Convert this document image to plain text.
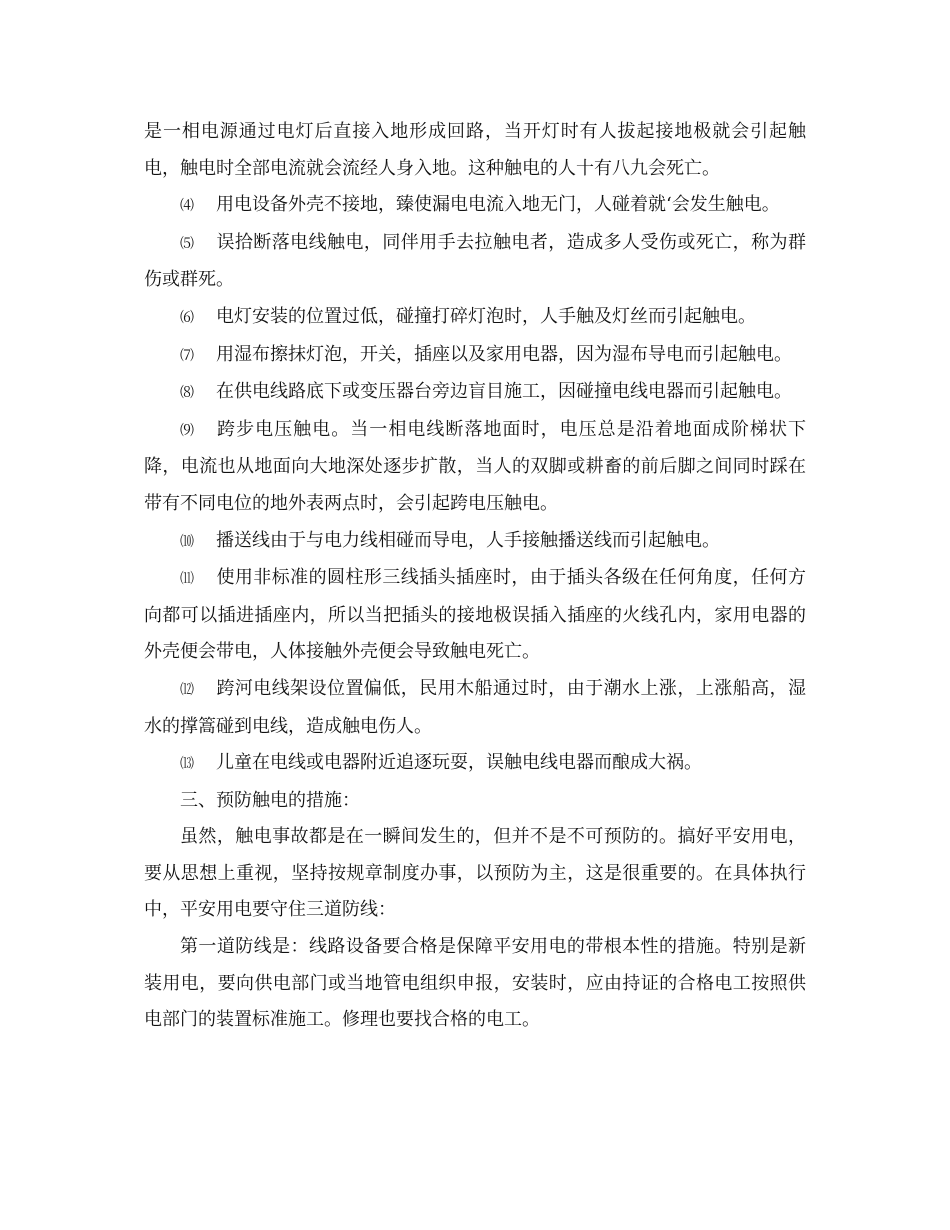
是一相电源通过电灯后直接入地形成回路，当开灯时有人拔起接地极就会引起触电，触电时全部电流就会流经人身入地。这种触电的人十有八九会死亡。

⑷ 用电设备外壳不接地，臻使漏电电流入地无门，人碰着就‘会发生触电。

⑸ 误拾断落电线触电，同伴用手去拉触电者，造成多人受伤或死亡，称为群伤或群死。

⑹ 电灯安装的位置过低，碰撞打碎灯泡时，人手触及灯丝而引起触电。

⑺ 用湿布擦抹灯泡，开关，插座以及家用电器，因为湿布导电而引起触电。

⑻ 在供电线路底下或变压器台旁边盲目施工，因碰撞电线电器而引起触电。

⑼ 跨步电压触电。当一相电线断落地面时，电压总是沿着地面成阶梯状下降，电流也从地面向大地深处逐步扩散，当人的双脚或耕畜的前后脚之间同时踩在带有不同电位的地外表两点时，会引起跨电压触电。

⑽ 播送线由于与电力线相碰而导电，人手接触播送线而引起触电。

⑾ 使用非标准的圆柱形三线插头插座时，由于插头各级在任何角度，任何方向都可以插进插座内，所以当把插头的接地极误插入插座的火线孔内，家用电器的外壳便会带电，人体接触外壳便会导致触电死亡。

⑿ 跨河电线架设位置偏低，民用木船通过时，由于潮水上涨，上涨船高，湿水的撑篙碰到电线，造成触电伤人。

⒀ 儿童在电线或电器附近追逐玩耍，误触电线电器而酿成大祸。

三、预防触电的措施：

虽然，触电事故都是在一瞬间发生的，但并不是不可预防的。搞好平安用电，要从思想上重视，坚持按规章制度办事，以预防为主，这是很重要的。在具体执行中，平安用电要守住三道防线：

第一道防线是：线路设备要合格是保障平安用电的带根本性的措施。特别是新装用电，要向供电部门或当地管电组织申报，安装时，应由持证的合格电工按照供电部门的装置标准施工。修理也要找合格的电工。
